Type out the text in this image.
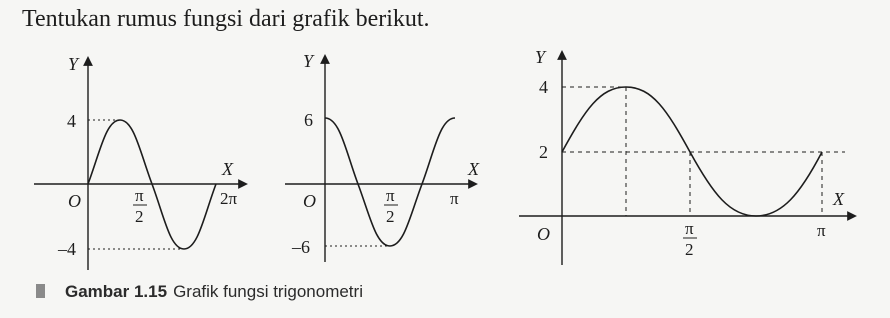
Tentukan rumus fungsi dari grafik berikut.
Y
X
O
4
–4
π
2
2π
Y
X
O
6
–6
π
2
π
Y
X
O
4
2
π
2
π
Gambar 1.15 Grafik fungsi trigonometri
